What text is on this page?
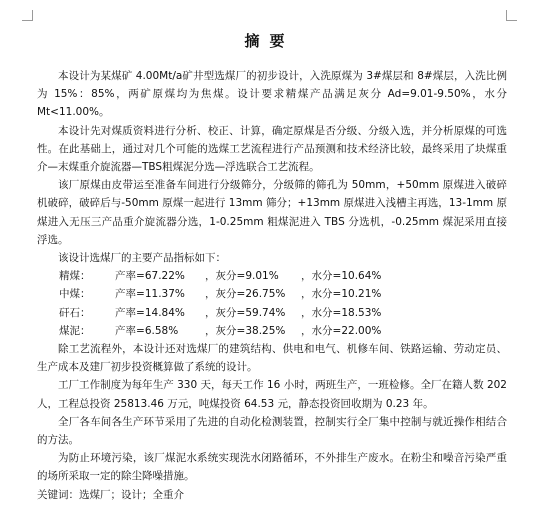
摘要

本设计为某煤矿 4.00Mt/a矿井型选煤厂的初步设计，入洗原煤为 3#煤层和 8#煤层，入洗比例为 15%：85%，两矿原煤均为焦煤。设计要求精煤产品满足灰分 Ad=9.01-9.50%，水分 Mt<11.00%。

本设计先对煤质资料进行分析、校正、计算，确定原煤是否分级、分级入选，并分析原煤的可选性。在此基础上，通过对几个可能的选煤工艺流程进行产品预测和技术经济比较，最终采用了块煤重介—末煤重介旋流器—TBS粗煤泥分选—浮选联合工艺流程。

该厂原煤由皮带运至准备车间进行分级筛分，分级筛的筛孔为 50mm，+50mm 原煤进入破碎机破碎，破碎后与-50mm 原煤一起进行 13mm 筛分；+13mm 原煤进入浅槽主再选，13-1mm 原煤进入无压三产品重介旋流器分选，1-0.25mm 粗煤泥进入 TBS 分选机，-0.25mm 煤泥采用直接浮选。

该设计选煤厂的主要产品指标如下：

精煤：	产率=67.22%	，灰分=9.01%	，水分=10.64%
中煤：	产率=11.37%	，灰分=26.75%	，水分=10.21%
矸石：	产率=14.84%	，灰分=59.74%	，水分=18.53%
煤泥：	产率=6.58%	，灰分=38.25%	，水分=22.00%

除工艺流程外，本设计还对选煤厂的建筑结构、供电和电气、机修车间、铁路运输、劳动定员、生产成本及建厂初步投资概算做了系统的设计。

工厂工作制度为每年生产 330 天，每天工作 16 小时，两班生产，一班检修。全厂在籍人数 202 人，工程总投资 25813.46 万元，吨煤投资 64.53 元，静态投资回收期为 0.23 年。

全厂各车间各生产环节采用了先进的自动化检测装置，控制实行全厂集中控制与就近操作相结合的方法。

为防止环境污染，该厂煤泥水系统实现洗水闭路循环，不外排生产废水。在粉尘和噪音污染严重的场所采取一定的除尘降噪措施。

关键词：选煤厂；设计；全重介
